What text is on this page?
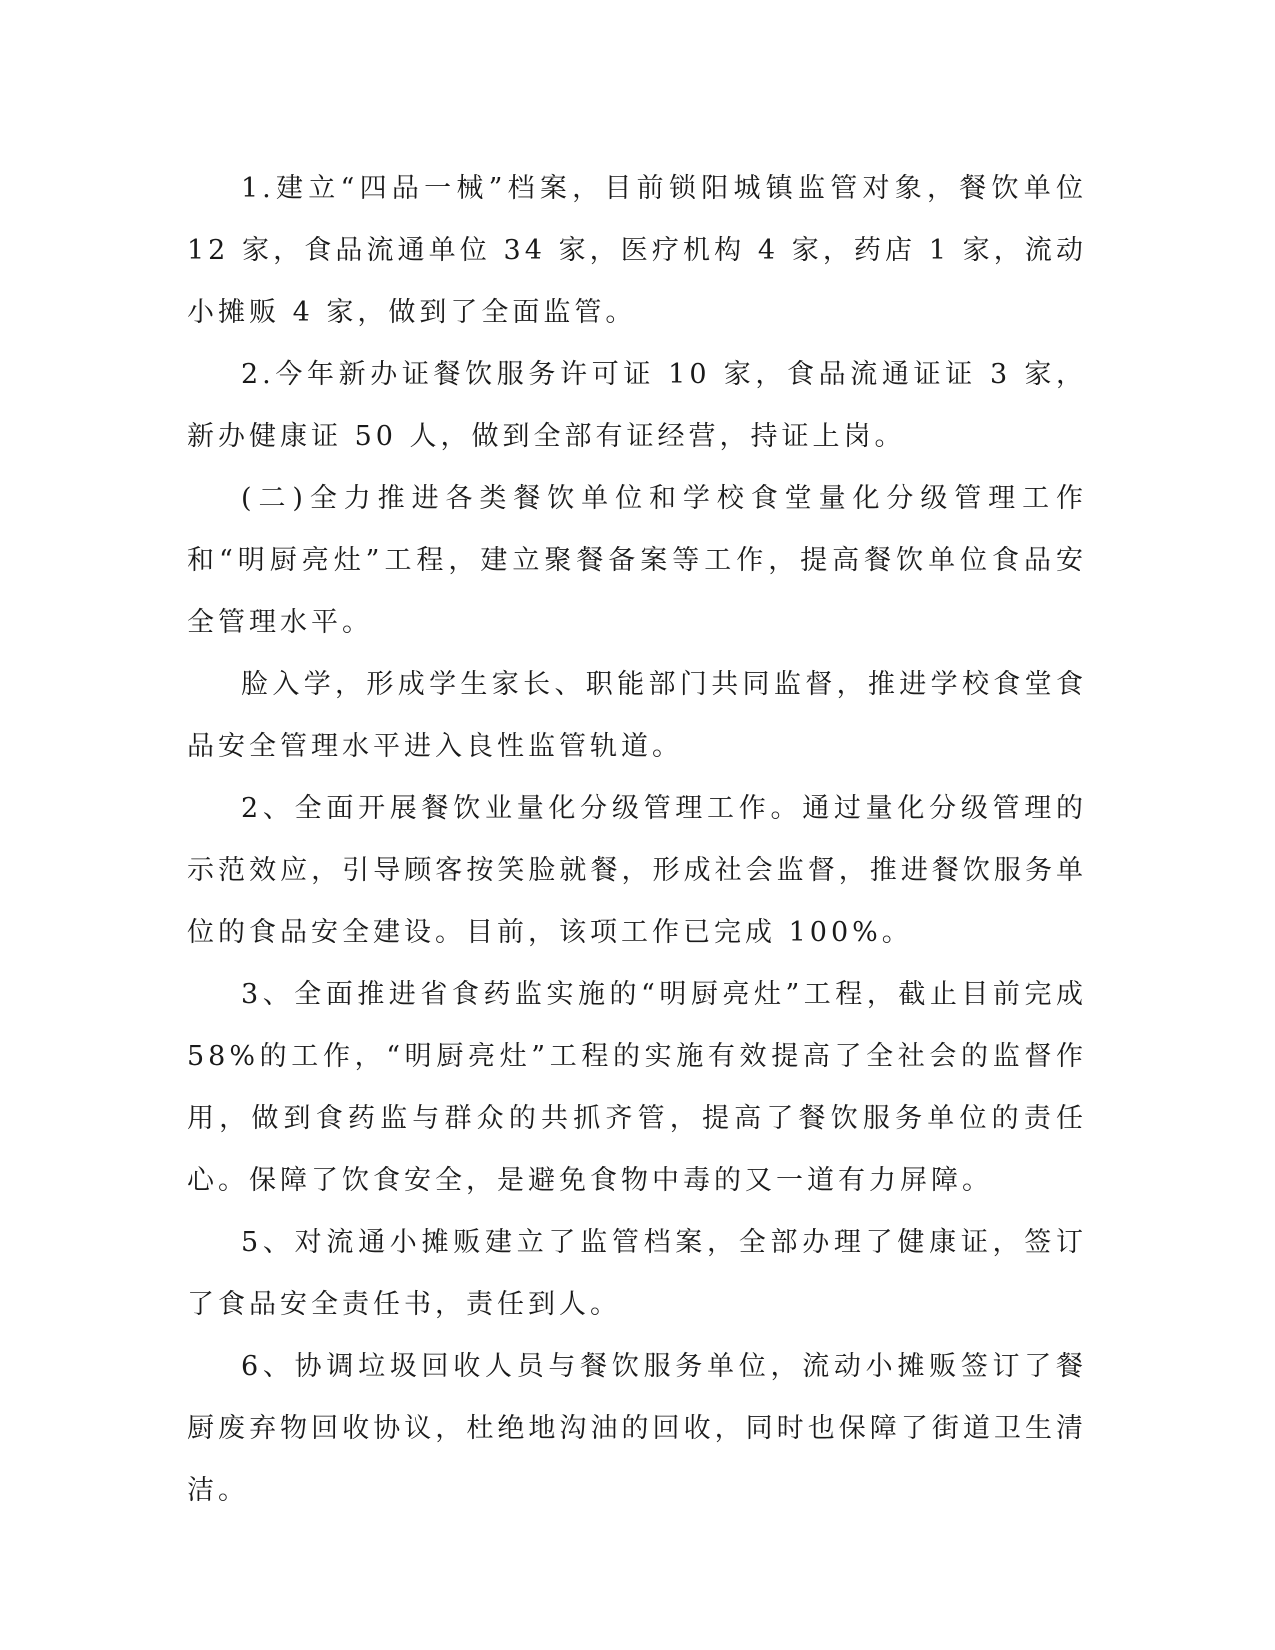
1.建立“四品一械”档案，目前锁阳城镇监管对象，餐饮单位 12 家，食品流通单位 34 家，医疗机构 4 家，药店 1 家，流动小摊贩 4 家，做到了全面监管。

2.今年新办证餐饮服务许可证 10 家，食品流通证证 3 家，新办健康证 50 人，做到全部有证经营，持证上岗。

(二)全力推进各类餐饮单位和学校食堂量化分级管理工作和“明厨亮灶”工程，建立聚餐备案等工作，提高餐饮单位食品安全管理水平。

脸入学，形成学生家长、职能部门共同监督，推进学校食堂食品安全管理水平进入良性监管轨道。

2、全面开展餐饮业量化分级管理工作。通过量化分级管理的示范效应，引导顾客按笑脸就餐，形成社会监督，推进餐饮服务单位的食品安全建设。目前，该项工作已完成 100%。

3、全面推进省食药监实施的“明厨亮灶”工程，截止目前完成 58%的工作，“明厨亮灶”工程的实施有效提高了全社会的监督作用，做到食药监与群众的共抓齐管，提高了餐饮服务单位的责任心。保障了饮食安全，是避免食物中毒的又一道有力屏障。

5、对流通小摊贩建立了监管档案，全部办理了健康证，签订了食品安全责任书，责任到人。

6、协调垃圾回收人员与餐饮服务单位，流动小摊贩签订了餐厨废弃物回收协议，杜绝地沟油的回收，同时也保障了街道卫生清洁。
